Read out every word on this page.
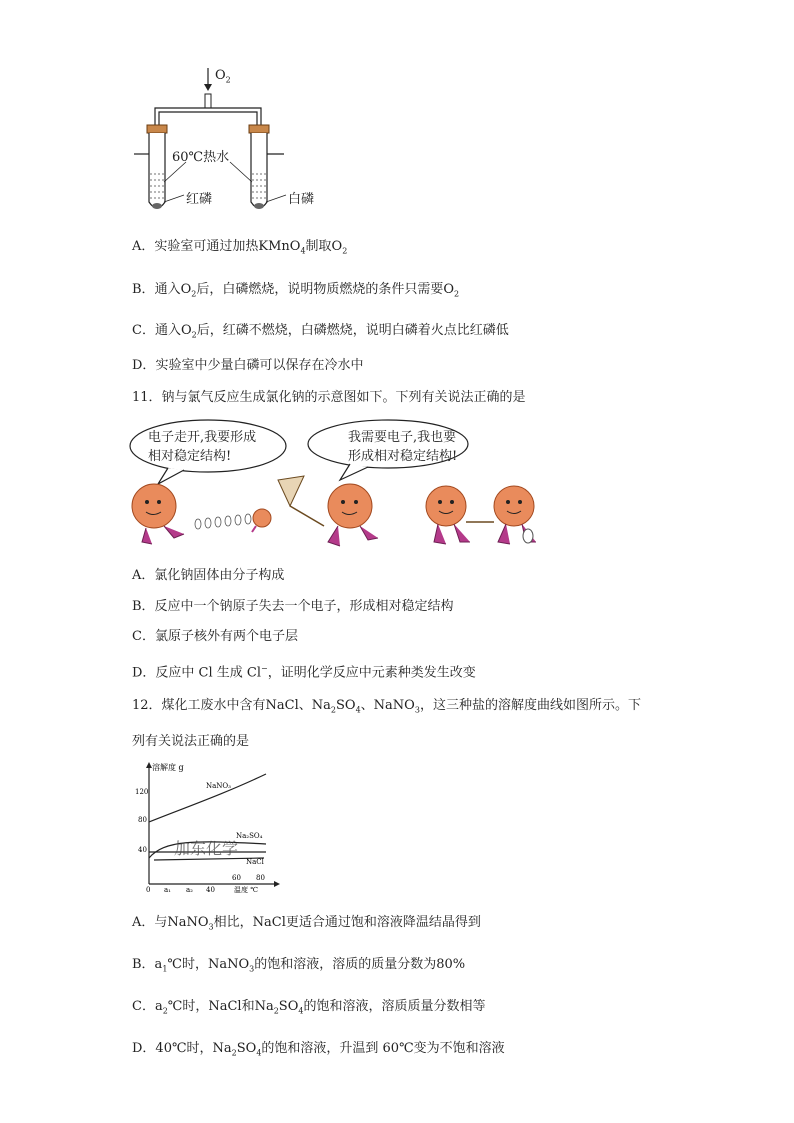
$O_2$
60℃热水
红磷	白磷
A．实验室可通过加热KMnO$_4$制取$O_2$
B．通入$O_2$后，白磷燃烧，说明物质燃烧的条件只需要$O_2$
C．通入$O_2$后，红磷不燃烧，白磷燃烧，说明白磷着火点比红磷低
D．实验室中少量白磷可以保存在冷水中
11．钠与氯气反应生成氯化钠的示意图如下。下列有关说法正确的是
电子走开,我要形成
相对稳定结构!
我需要电子,我也要
形成相对稳定结构!
A．氯化钠固体由分子构成
B．反应中一个钠原子失去一个电子，形成相对稳定结构
C．氯原子核外有两个电子层
D．反应中 Cl 生成 Cl−，证明化学反应中元素种类发生改变
12．煤化工废水中含有NaCl、$Na_2SO_4$、NaNO$_3$，这三种盐的溶解度曲线如图所示。下
列有关说法正确的是
溶解度 g
温度 ℃
120
80
40
0 a₁ a₂ 40
NaNO₃
Na₂SO₄
NaCl
加东化学
60 80
A．与NaNO$_3$相比，NaCl更适合通过饱和溶液降温结晶得到
B．$a_1℃$时，NaNO$_3$的饱和溶液，溶质的质量分数为80%
C．$a_2℃$时，NaCl和$Na_2SO_4$的饱和溶液，溶质质量分数相等
D．40℃时，$Na_2SO_4$的饱和溶液，升温到 60℃变为不饱和溶液
